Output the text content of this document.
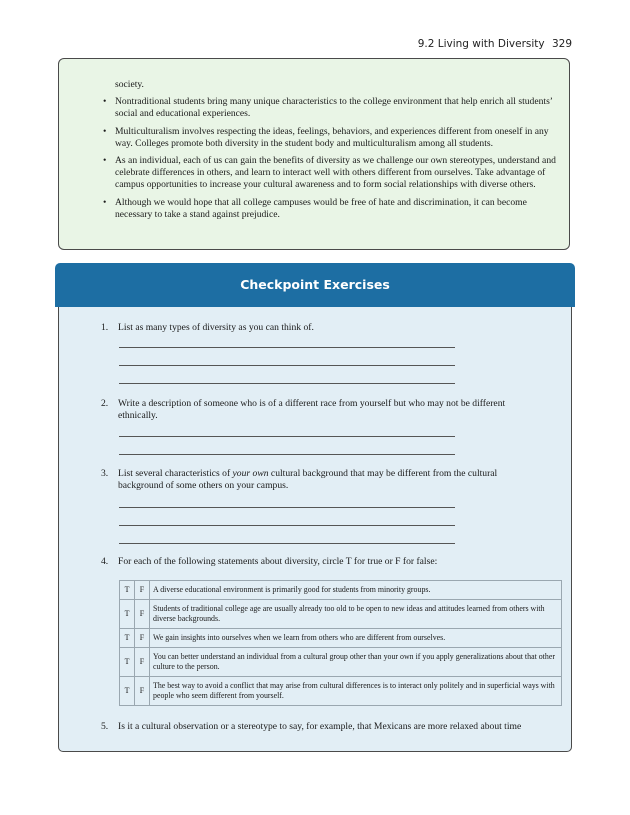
9.2 Living with Diversity 329

society.

• Nontraditional students bring many unique characteristics to the college environment that help enrich all students’ social and educational experiences.
• Multiculturalism involves respecting the ideas, feelings, behaviors, and experiences different from oneself in any way. Colleges promote both diversity in the student body and multiculturalism among all students.
• As an individual, each of us can gain the benefits of diversity as we challenge our own stereotypes, understand and celebrate differences in others, and learn to interact well with others different from ourselves. Take advantage of campus opportunities to increase your cultural awareness and to form social relationships with diverse others.
• Although we would hope that all college campuses would be free of hate and discrimination, it can become necessary to take a stand against prejudice.
Checkpoint Exercises
1. List as many types of diversity as you can think of.
2. Write a description of someone who is of a different race from yourself but who may not be different ethnically.
3. List several characteristics of your own cultural background that may be different from the cultural background of some others on your campus.
4. For each of the following statements about diversity, circle T for true or F for false:
T	F	A diverse educational environment is primarily good for students from minority groups.
T	F	Students of traditional college age are usually already too old to be open to new ideas and attitudes learned from others with diverse backgrounds.
T	F	We gain insights into ourselves when we learn from others who are different from ourselves.
T	F	You can better understand an individual from a cultural group other than your own if you apply generalizations about that other culture to the person.
T	F	The best way to avoid a conflict that may arise from cultural differences is to interact only politely and in superficial ways with people who seem different from yourself.
5. Is it a cultural observation or a stereotype to say, for example, that Mexicans are more relaxed about time
